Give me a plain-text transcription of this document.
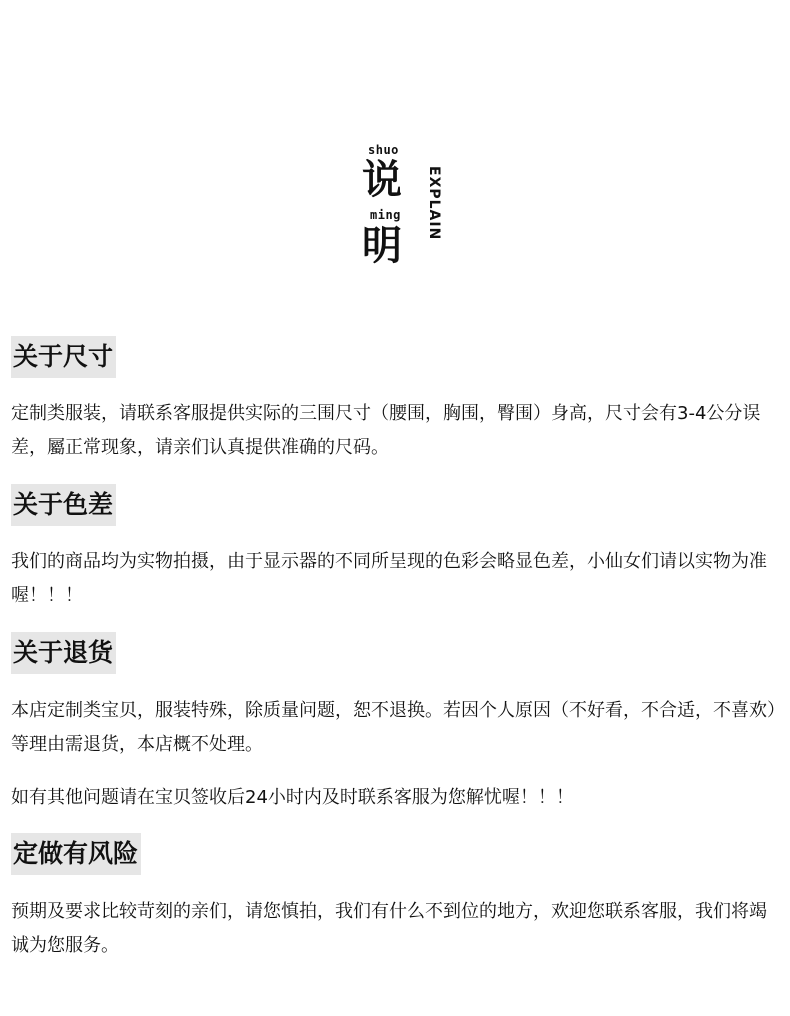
shuo
说
ming
明
EXPLAIN
关于尺寸
定制类服装，请联系客服提供实际的三围尺寸（腰围，胸围，臀围）身高，尺寸会有3-4公分误差，屬正常现象，请亲们认真提供准确的尺码。
关于色差
我们的商品均为实物拍摄，由于显示器的不同所呈现的色彩会略显色差，小仙女们请以实物为准喔！！！
关于退货
本店定制类宝贝，服装特殊，除质量问题，恕不退换。若因个人原因（不好看，不合适，不喜欢）等理由需退货，本店概不处理。
如有其他问题请在宝贝签收后24小时内及时联系客服为您解忧喔！！！
定做有风险
预期及要求比较苛刻的亲们，请您慎拍，我们有什么不到位的地方，欢迎您联系客服，我们将竭诚为您服务。
